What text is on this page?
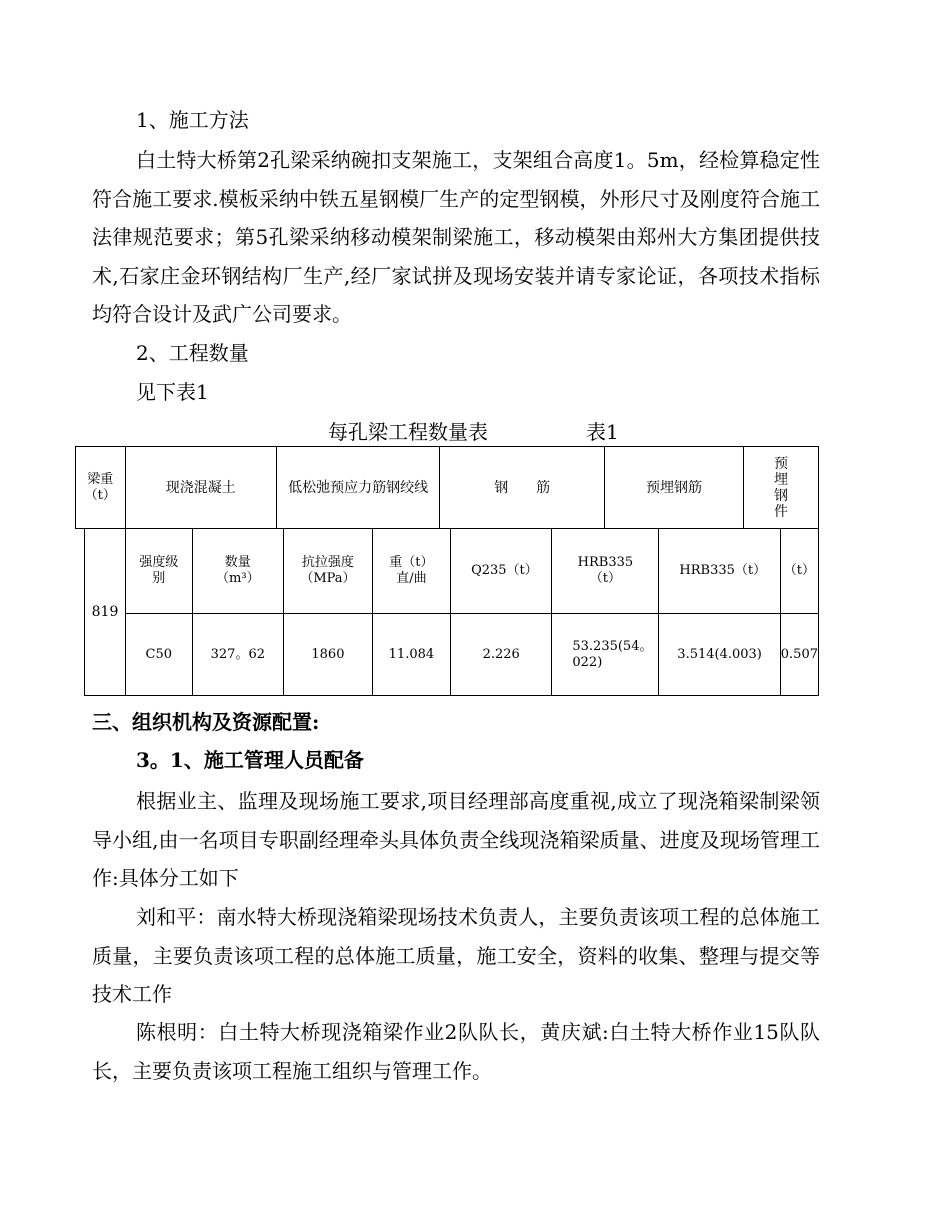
1、施工方法
白土特大桥第2孔梁采纳碗扣支架施工，支架组合高度1。5m，经检算稳定性符合施工要求.模板采纳中铁五星钢模厂生产的定型钢模，外形尺寸及刚度符合施工法律规范要求；第5孔梁采纳移动模架制梁施工，移动模架由郑州大方集团提供技术,石家庄金环钢结构厂生产,经厂家试拼及现场安装并请专家论证，各项技术指标均符合设计及武广公司要求。
2、工程数量
见下表1
每孔梁工程数量表	表1
梁重（t）	现浇混凝土	低松弛预应力筋钢绞线	钢　　筋	预埋钢筋	预埋钢件
819	强度级别	数量（m³）	抗拉强度（MPa）	重（t）直/曲	Q235（t）	HRB335（t）	HRB335（t）	（t）
	C50	327。62	1860	11.084	2.226	53.235(54。022)	3.514(4.003)	0.507
三、组织机构及资源配置:
3。1、施工管理人员配备
根据业主、监理及现场施工要求,项目经理部高度重视,成立了现浇箱梁制梁领导小组,由一名项目专职副经理牵头具体负责全线现浇箱梁质量、进度及现场管理工作:具体分工如下
刘和平：南水特大桥现浇箱梁现场技术负责人，主要负责该项工程的总体施工质量，主要负责该项工程的总体施工质量，施工安全，资料的收集、整理与提交等技术工作
陈根明：白土特大桥现浇箱梁作业2队队长，黄庆斌:白土特大桥作业15队队长，主要负责该项工程施工组织与管理工作。
